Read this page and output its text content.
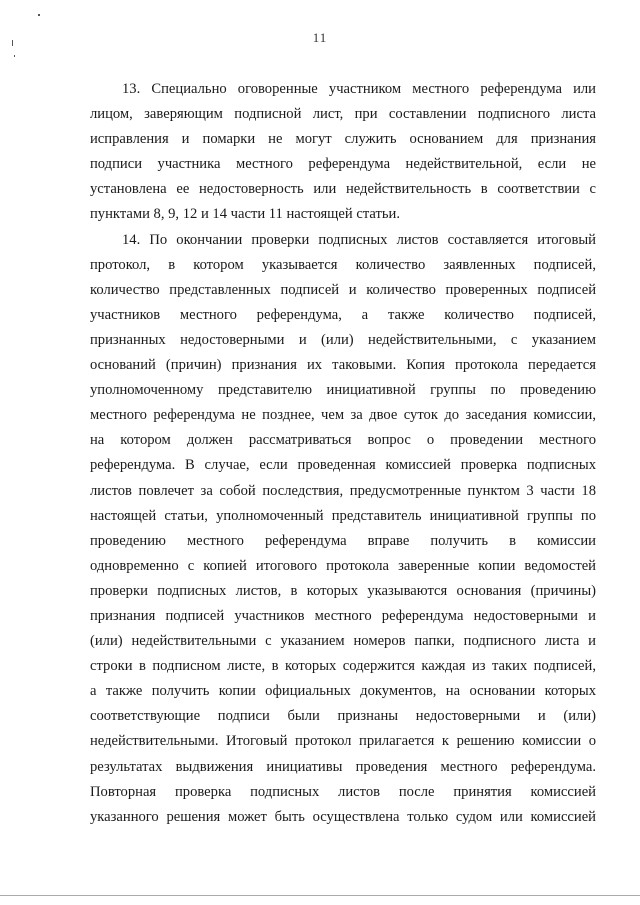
11
13. Специально оговоренные участником местного референдума или
лицом, заверяющим подписной лист, при составлении подписного листа
исправления и помарки не могут служить основанием для признания
подписи участника местного референдума недействительной, если не
установлена ее недостоверность или недействительность в соответствии с
пунктами 8, 9, 12 и 14 части 11 настоящей статьи.
14. По окончании проверки подписных листов составляется итоговый
протокол, в котором указывается количество заявленных подписей,
количество представленных подписей и количество проверенных подписей
участников местного референдума, а также количество подписей,
признанных недостоверными и (или) недействительными, с указанием
оснований (причин) признания их таковыми. Копия протокола передается
уполномоченному представителю инициативной группы по проведению
местного референдума не позднее, чем за двое суток до заседания комиссии,
на котором должен рассматриваться вопрос о проведении местного
референдума. В случае, если проведенная комиссией проверка подписных
листов повлечет за собой последствия, предусмотренные пунктом 3 части 18
настоящей статьи, уполномоченный представитель инициативной группы по
проведению местного референдума вправе получить в комиссии
одновременно с копией итогового протокола заверенные копии ведомостей
проверки подписных листов, в которых указываются основания (причины)
признания подписей участников местного референдума недостоверными и
(или) недействительными с указанием номеров папки, подписного листа и
строки в подписном листе, в которых содержится каждая из таких подписей,
а также получить копии официальных документов, на основании которых
соответствующие подписи были признаны недостоверными и (или)
недействительными. Итоговый протокол прилагается к решению комиссии о
результатах выдвижения инициативы проведения местного референдума.
Повторная проверка подписных листов после принятия комиссией
указанного решения может быть осуществлена только судом или комиссией
